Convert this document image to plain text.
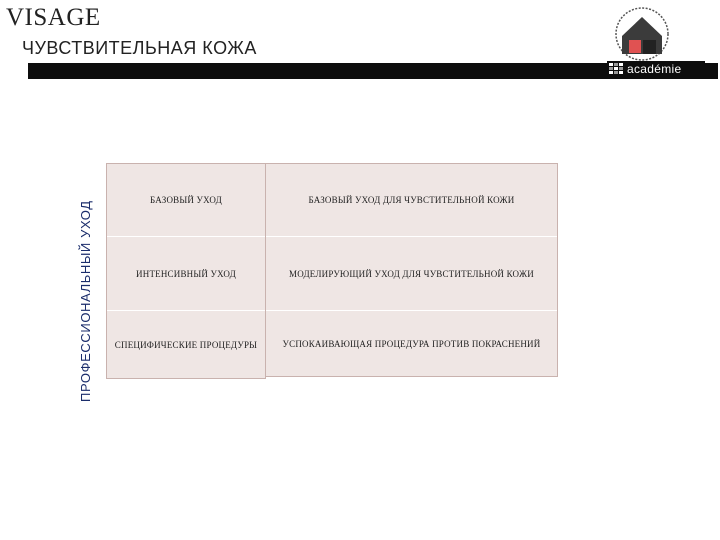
VISAGE
ЧУВСТВИТЕЛЬНАЯ КОЖА
académie
ПРОФЕССИОНАЛЬНЫЙ УХОД
БАЗОВЫЙ УХОД
ИНТЕНСИВНЫЙ УХОД
СПЕЦИФИЧЕСКИЕ ПРОЦЕДУРЫ
БАЗОВЫЙ УХОД ДЛЯ ЧУВСТИТЕЛЬНОЙ КОЖИ
МОДЕЛИРУЮЩИЙ УХОД ДЛЯ ЧУВСТИТЕЛЬНОЙ КОЖИ
УСПОКАИВАЮЩАЯ ПРОЦЕДУРА ПРОТИВ ПОКРАСНЕНИЙ
